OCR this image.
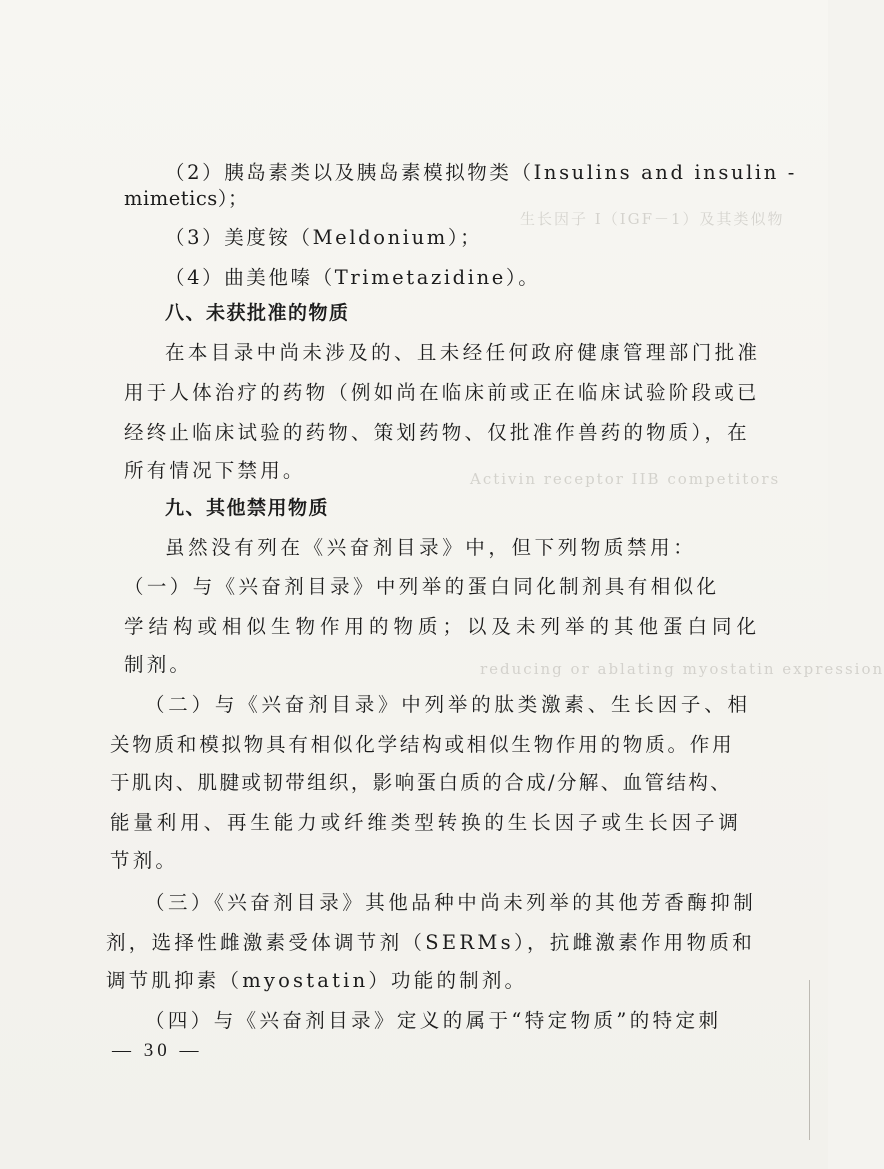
生长因子 I（IGF－1）及其类似物
Activin receptor IIB competitors
reducing or ablating myostatin expression
（2）胰岛素类以及胰岛素模拟物类（Insulins and insulin -
mimetics）；
（3）美度铵（Meldonium）；
（4）曲美他嗪（Trimetazidine）。
八、未获批准的物质
在本目录中尚未涉及的、且未经任何政府健康管理部门批准
用于人体治疗的药物（例如尚在临床前或正在临床试验阶段或已
经终止临床试验的药物、策划药物、仅批准作兽药的物质），在
所有情况下禁用。
九、其他禁用物质
虽然没有列在《兴奋剂目录》中，但下列物质禁用：
（一）与《兴奋剂目录》中列举的蛋白同化制剂具有相似化
学结构或相似生物作用的物质；以及未列举的其他蛋白同化
制剂。
（二）与《兴奋剂目录》中列举的肽类激素、生长因子、相
关物质和模拟物具有相似化学结构或相似生物作用的物质。作用
于肌肉、肌腱或韧带组织，影响蛋白质的合成/分解、血管结构、
能量利用、再生能力或纤维类型转换的生长因子或生长因子调
节剂。
（三）《兴奋剂目录》其他品种中尚未列举的其他芳香酶抑制
剂，选择性雌激素受体调节剂（SERMs），抗雌激素作用物质和
调节肌抑素（myostatin）功能的制剂。
（四）与《兴奋剂目录》定义的属于“特定物质”的特定刺
— 30 —
